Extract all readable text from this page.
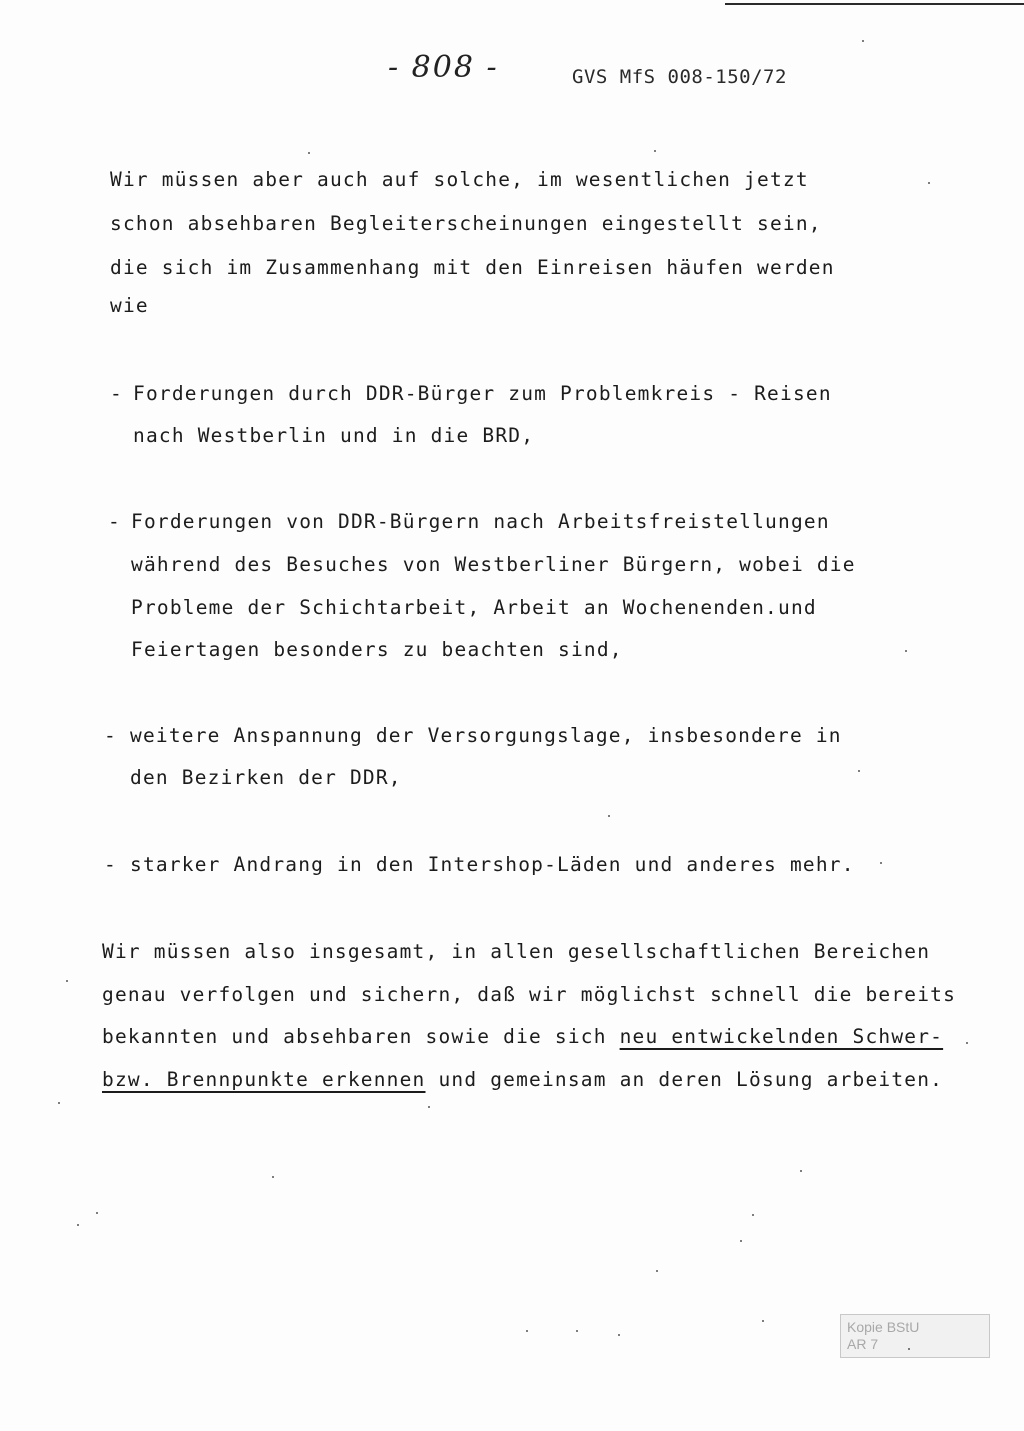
- 808 -	GVS MfS 008-150/72
Wir müssen aber auch auf solche, im wesentlichen jetzt
schon absehbaren Begleiterscheinungen eingestellt sein,
die sich im Zusammenhang mit den Einreisen häufen werden
wie
- Forderungen durch DDR-Bürger zum Problemkreis - Reisen
nach Westberlin und in die BRD,
- Forderungen von DDR-Bürgern nach Arbeitsfreistellungen
während des Besuches von Westberliner Bürgern, wobei die
Probleme der Schichtarbeit, Arbeit an Wochenenden.und
Feiertagen besonders zu beachten sind,
- weitere Anspannung der Versorgungslage, insbesondere in
den Bezirken der DDR,
- starker Andrang in den Intershop-Läden und anderes mehr.
Wir müssen also insgesamt, in allen gesellschaftlichen Bereichen
genau verfolgen und sichern, daß wir möglichst schnell die bereits
bekannten und absehbaren sowie die sich neu entwickelnden Schwer-
bzw. Brennpunkte erkennen und gemeinsam an deren Lösung arbeiten.
Kopie BStU
AR 7
